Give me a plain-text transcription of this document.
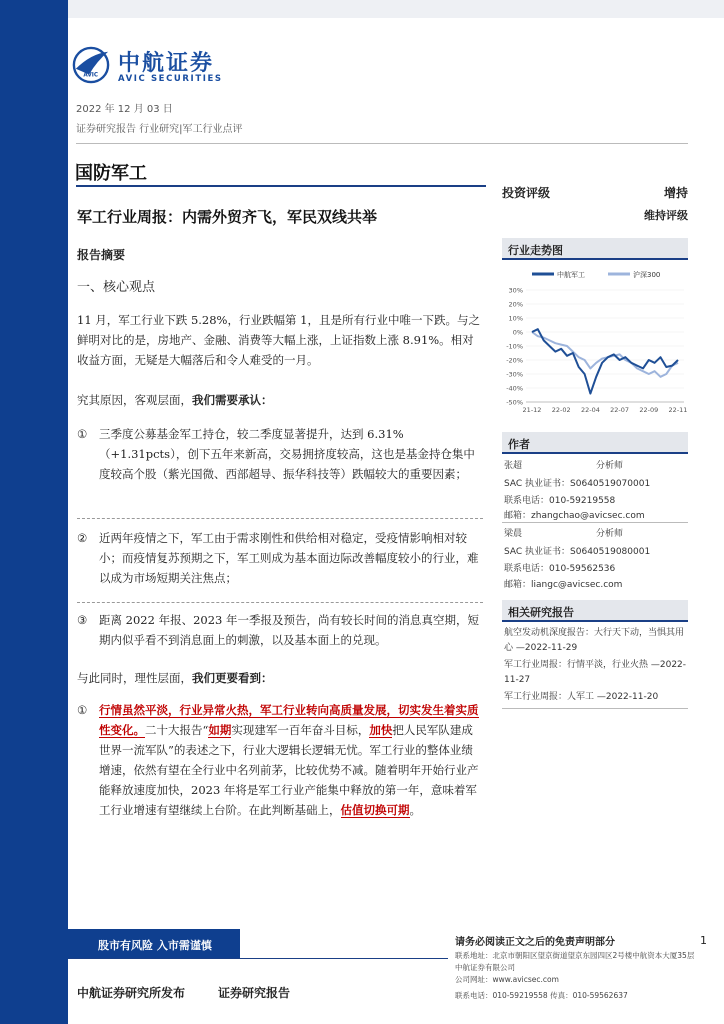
AVIC 中航证券
AVIC SECURITIES
2022 年 12 月 03 日
证券研究报告 行业研究|军工行业点评
国防军工
投资评级	增持
维持评级
军工行业周报：内需外贸齐飞，军民双线共举
报告摘要
一、核心观点
11 月，军工行业下跌 5.28%，行业跌幅第 1，且是所有行业中唯一下跌。与之鲜明对比的是，房地产、金融、消费等大幅上涨，上证指数上涨 8.91%。相对收益方面，无疑是大幅落后和令人难受的一月。
究其原因，客观层面，我们需要承认：
①	三季度公募基金军工持仓，较二季度显著提升，达到 6.31%（+1.31pcts），创下五年来新高，交易拥挤度较高，这也是基金持仓集中度较高个股（紫光国微、西部超导、振华科技等）跌幅较大的重要因素；
②	近两年疫情之下，军工由于需求刚性和供给相对稳定，受疫情影响相对较小；而疫情复苏预期之下，军工则成为基本面边际改善幅度较小的行业，难以成为市场短期关注焦点；
③	距离 2022 年报、2023 年一季报及预告，尚有较长时间的消息真空期，短期内似乎看不到消息面上的刺激，以及基本面上的兑现。
与此同时，理性层面，我们更要看到：
①	行情虽然平淡，行业异常火热，军工行业转向高质量发展，切实发生着实质性变化。二十大报告“如期实现建军一百年奋斗目标，加快把人民军队建成世界一流军队”的表述之下，行业大逻辑长逻辑无忧。军工行业的整体业绩增速，依然有望在全行业中名列前茅，比较优势不减。随着明年开始行业产能释放速度加快，2023 年将是军工行业产能集中释放的第一年，意味着军工行业增速有望继续上台阶。在此判断基础上，估值切换可期。
行业走势图
中航军工	沪深300
30%
20%
10%
0%
-10%
-20%
-30%
-40%
-50%
21-12 22-02 22-04 22-07 22-09 22-11
作者
张超	分析师
SAC 执业证书：S0640519070001
联系电话：010-59219558
邮箱：zhangchao@avicsec.com
梁晨	分析师
SAC 执业证书：S0640519080001
联系电话：010-59562536
邮箱：liangc@avicsec.com
相关研究报告
航空发动机深度报告：大行天下动，当惧其用心 —2022-11-29
军工行业周报：行情平淡，行业火热 —2022-11-27
军工行业周报：人军工 —2022-11-20
股市有风险 入市需谨慎	请务必阅读正文之后的免责声明部分	1
联系地址：北京市朝阳区望京街道望京东园四区2号楼中航资本大厦35层
中航证券有限公司
公司网址：www.avicsec.com
联系电话：010-59219558 传真：010-59562637
中航证券研究所发布	证券研究报告
